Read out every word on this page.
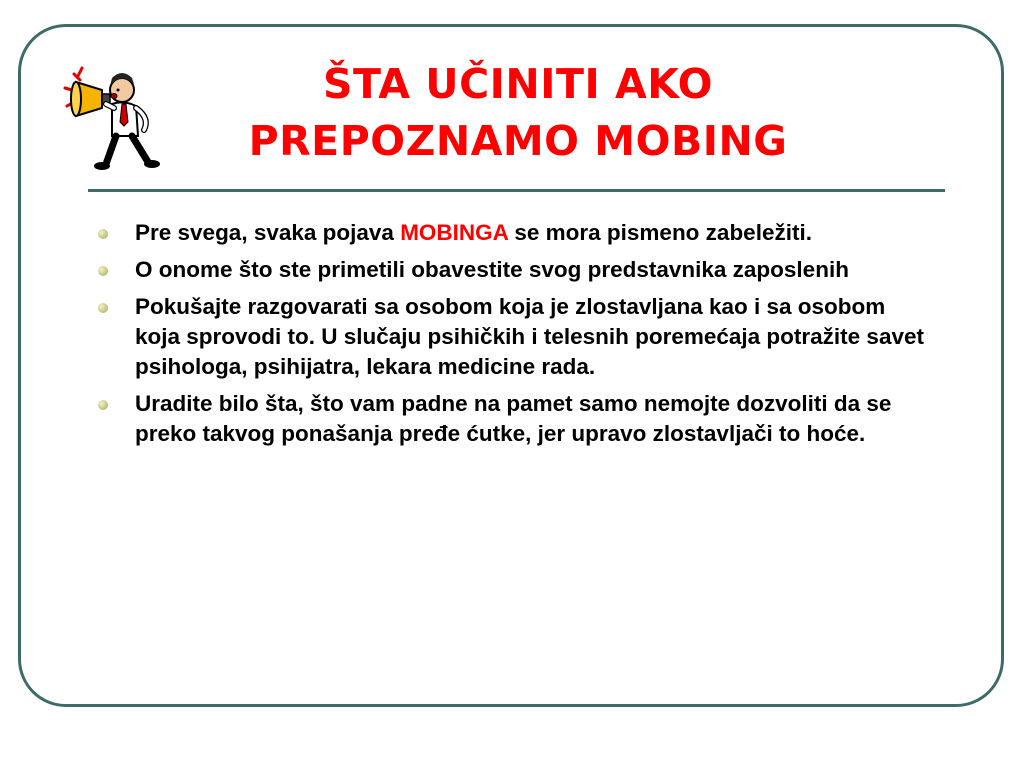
ŠTA UČINITI AKO
PREPOZNAMO MOBING
Pre svega, svaka pojava MOBINGA se mora pismeno zabeležiti.
O onome što ste primetili obavestite svog predstavnika zaposlenih
Pokušajte razgovarati sa osobom koja je zlostavljana kao i sa osobom koja sprovodi to. U slučaju psihičkih i telesnih poremećaja potražite savet psihologa, psihijatra, lekara medicine rada.
Uradite bilo šta, što vam padne na pamet samo nemojte dozvoliti da se preko takvog ponašanja pređe ćutke, jer upravo zlostavljači to hoće.
